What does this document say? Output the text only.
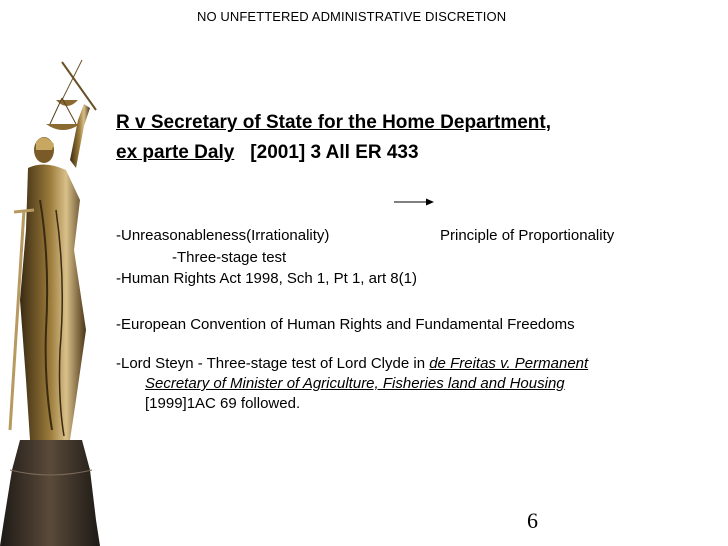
NO UNFETTERED ADMINISTRATIVE DISCRETION
R v Secretary of State for the Home Department,
ex parte Daly [2001] 3 All ER 433
-Unreasonableness(Irrationality)	Principle of Proportionality
-Three-stage test
-Human Rights Act 1998, Sch 1, Pt 1, art 8(1)
-European Convention of Human Rights and Fundamental Freedoms
-Lord Steyn - Three-stage test of Lord Clyde in de Freitas v. Permanent
Secretary of Minister of Agriculture, Fisheries land and Housing
[1999]1AC 69 followed.
6
